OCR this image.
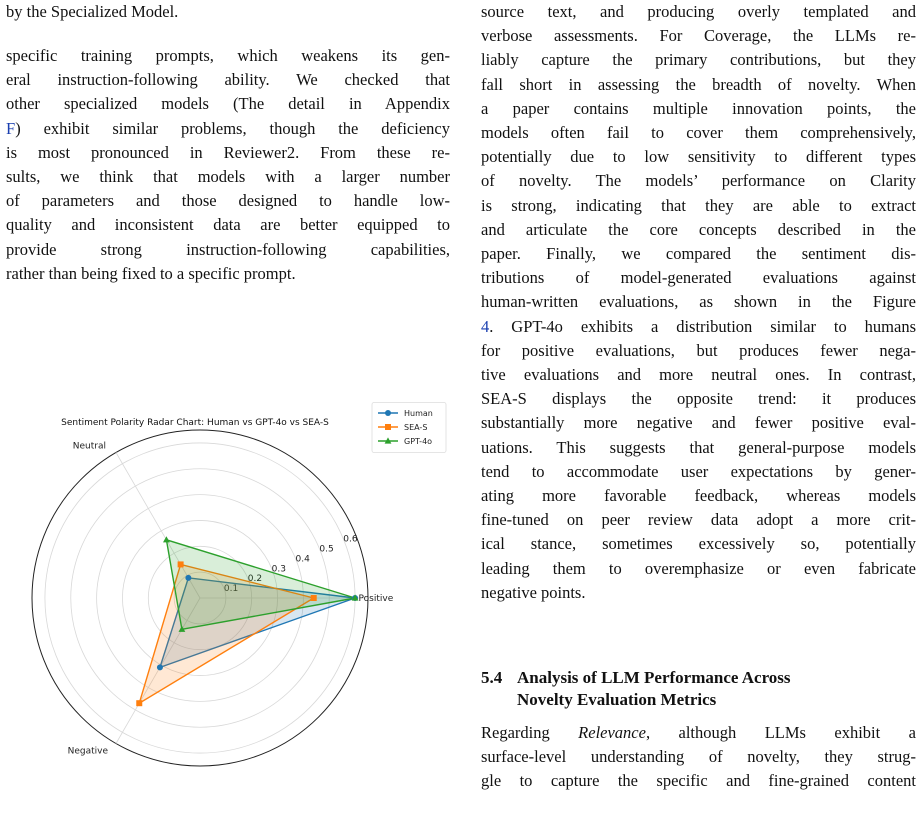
by the Specialized Model.
specific training prompts, which weakens its gen-
eral instruction-following ability. We checked that
other specialized models (The detail in Appendix
F) exhibit similar problems, though the deficiency
is most pronounced in Reviewer2. From these re-
sults, we think that models with a larger number
of parameters and those designed to handle low-
quality and inconsistent data are better equipped to
provide strong instruction-following capabilities,
rather than being fixed to a specific prompt.
Sentiment Polarity Radar Chart: Human vs GPT-4o vs SEA-S
0.1
0.2
0.3
0.4
0.5
0.6
Positive
Neutral
Negative
Human
SEA-S
GPT-4o
source text, and producing overly templated and
verbose assessments. For Coverage, the LLMs re-
liably capture the primary contributions, but they
fall short in assessing the breadth of novelty. When
a paper contains multiple innovation points, the
models often fail to cover them comprehensively,
potentially due to low sensitivity to different types
of novelty. The models’ performance on Clarity
is strong, indicating that they are able to extract
and articulate the core concepts described in the
paper. Finally, we compared the sentiment dis-
tributions of model-generated evaluations against
human-written evaluations, as shown in the Figure
4. GPT-4o exhibits a distribution similar to humans
for positive evaluations, but produces fewer nega-
tive evaluations and more neutral ones. In contrast,
SEA-S displays the opposite trend: it produces
substantially more negative and fewer positive eval-
uations. This suggests that general-purpose models
tend to accommodate user expectations by gener-
ating more favorable feedback, whereas models
fine-tuned on peer review data adopt a more crit-
ical stance, sometimes excessively so, potentially
leading them to overemphasize or even fabricate
negative points.
5.4 Analysis of LLM Performance Across
Novelty Evaluation Metrics
Regarding Relevance, although LLMs exhibit a
surface-level understanding of novelty, they strug-
gle to capture the specific and fine-grained content
